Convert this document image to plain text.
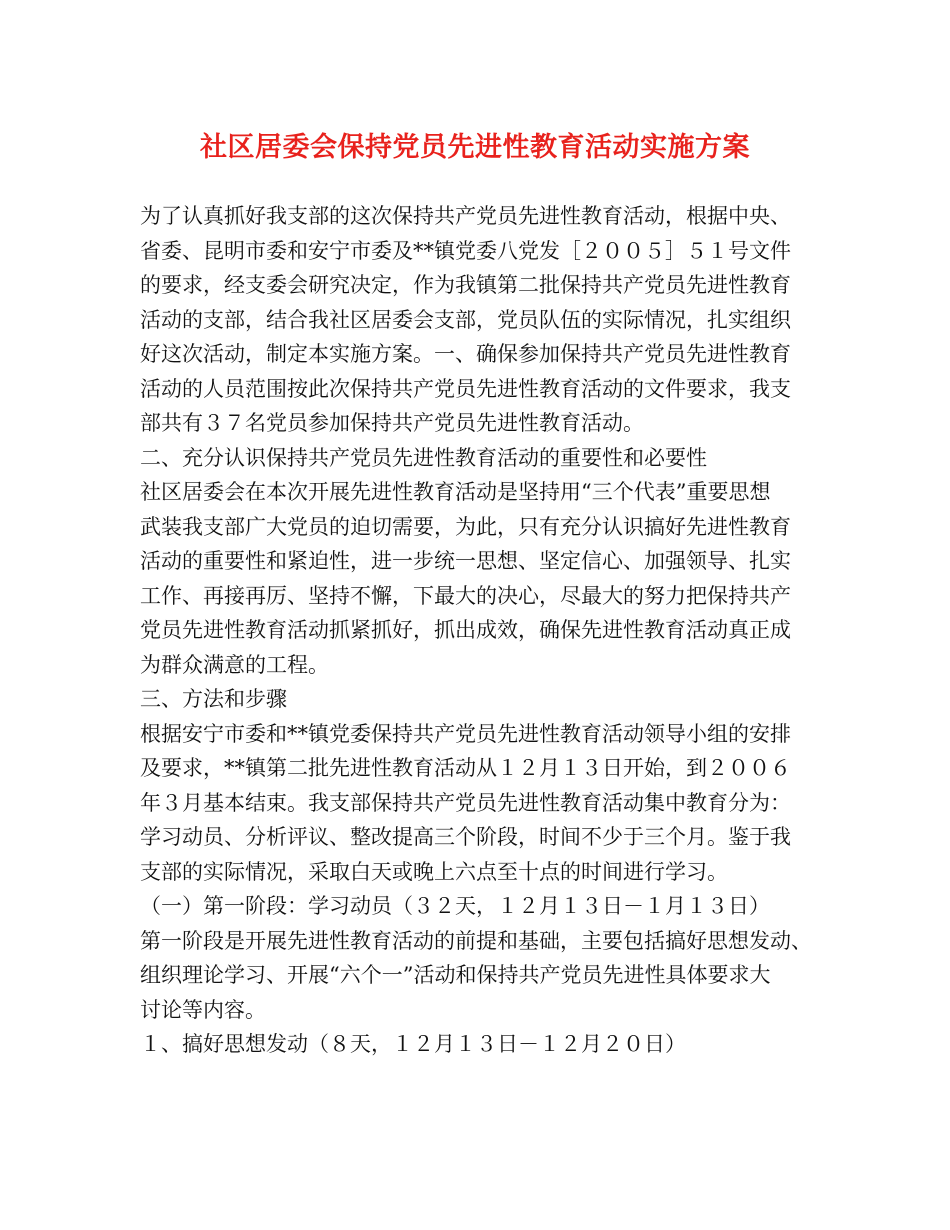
社区居委会保持党员先进性教育活动实施方案
为了认真抓好我支部的这次保持共产党员先进性教育活动，根据中央、
省委、昆明市委和安宁市委及**镇党委八党发［２００５］５１号文件
的要求，经支委会研究决定，作为我镇第二批保持共产党员先进性教育
活动的支部，结合我社区居委会支部，党员队伍的实际情况，扎实组织
好这次活动，制定本实施方案。一、确保参加保持共产党员先进性教育
活动的人员范围按此次保持共产党员先进性教育活动的文件要求，我支
部共有３７名党员参加保持共产党员先进性教育活动。
二、充分认识保持共产党员先进性教育活动的重要性和必要性
社区居委会在本次开展先进性教育活动是坚持用“三个代表”重要思想
武装我支部广大党员的迫切需要，为此，只有充分认识搞好先进性教育
活动的重要性和紧迫性，进一步统一思想、坚定信心、加强领导、扎实
工作、再接再厉、坚持不懈，下最大的决心，尽最大的努力把保持共产
党员先进性教育活动抓紧抓好，抓出成效，确保先进性教育活动真正成
为群众满意的工程。
三、方法和步骤
根据安宁市委和**镇党委保持共产党员先进性教育活动领导小组的安排
及要求，**镇第二批先进性教育活动从１２月１３日开始，到２００６
年３月基本结束。我支部保持共产党员先进性教育活动集中教育分为：
学习动员、分析评议、整改提高三个阶段，时间不少于三个月。鉴于我
支部的实际情况，采取白天或晚上六点至十点的时间进行学习。
（一）第一阶段：学习动员（３２天，１２月１３日－１月１３日）
第一阶段是开展先进性教育活动的前提和基础，主要包括搞好思想发动、
组织理论学习、开展“六个一”活动和保持共产党员先进性具体要求大
讨论等内容。
１、搞好思想发动（８天，１２月１３日－１２月２０日）
